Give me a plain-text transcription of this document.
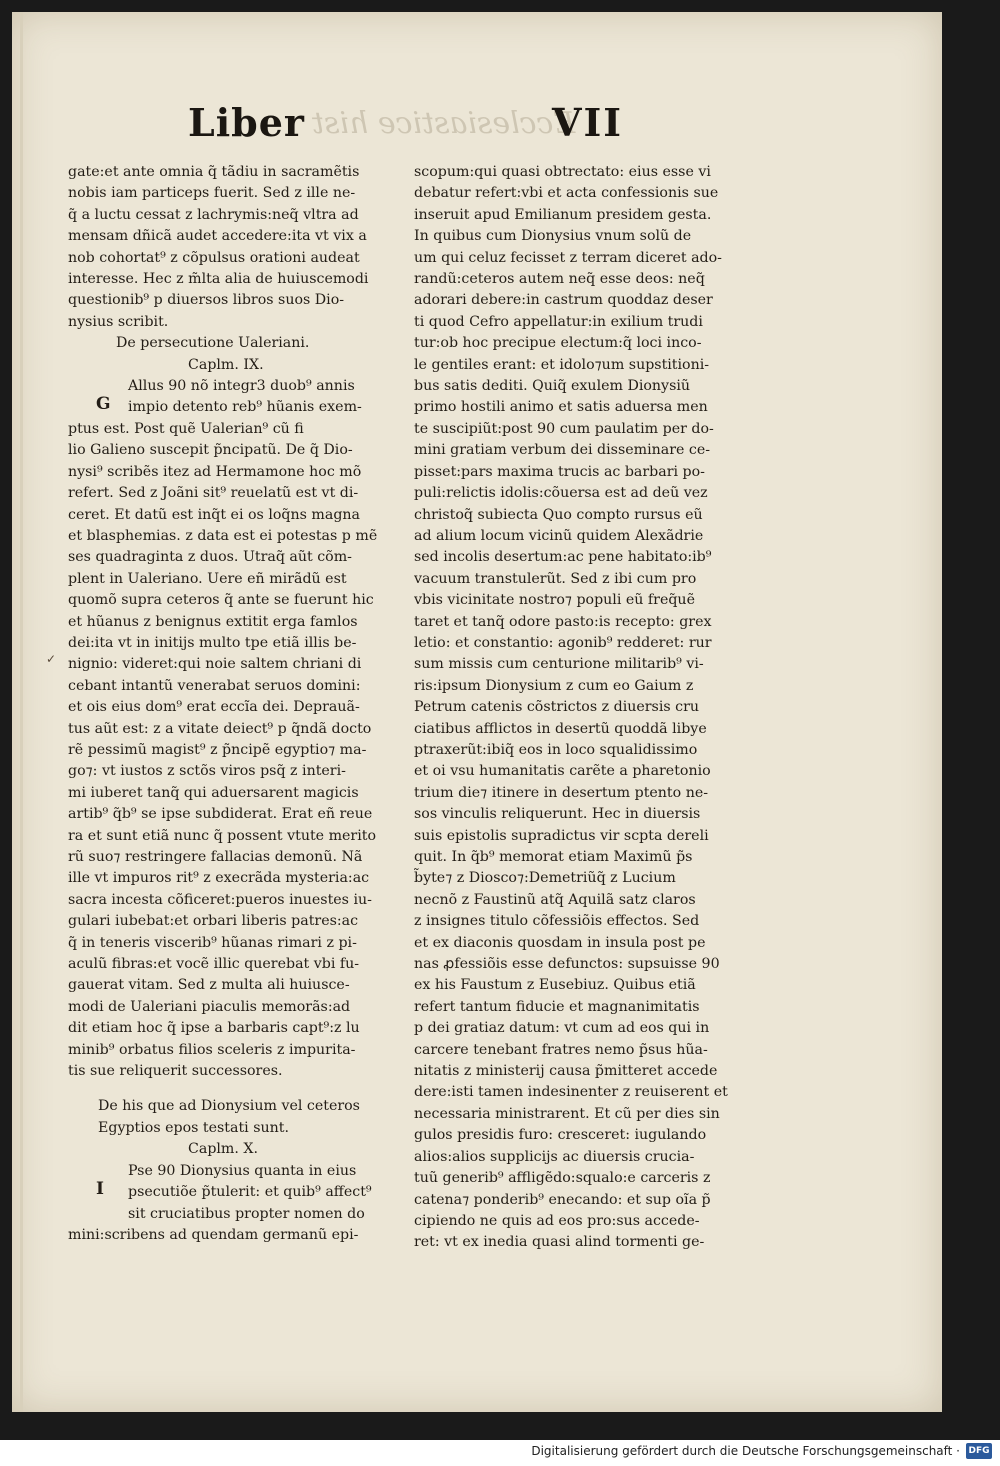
Liber Ecclesiastice hist
VII
gate:et ante omnia q̃ tãdiu in sacramẽtis
nobis iam particeps fuerit. Sed z ille ne-
q̃ a luctu cessat z lachrymis:neq̃ vltra ad
mensam dñicã audet accedere:ita vt vix a
nob cohortat⁹ z cõpulsus orationi audeat
interesse. Hec z m̃lta alia de huiuscemodi
questionib⁹ p diuersos libros suos Dio-
nysius scribit.
De persecutione Ualeriani.
Caplm. IX.
Allus 90 nõ integr3 duob⁹ annis
impio detento reb⁹ hũanis exem-
ptus est. Post quẽ Ualerian⁹ cũ fi
lio Galieno suscepit p̃ncipatũ. De q̃ Dio-
nysi⁹ scribẽs itez ad Hermamone hoc mõ
refert. Sed z Joãni sit⁹ reuelatũ est vt di-
ceret. Et datũ est inq̃t ei os loq̃ns magna
et blasphemias. z data est ei potestas p mẽ
ses quadraginta z duos. Utraq̃ aũt cõm-
plent in Ualeriano. Uere eñ mirãdũ est
quomõ supra ceteros q̃ ante se fuerunt hic
et hũanus z benignus extitit erga famlos
dei:ita vt in initijs multo tpe etiã illis be-
nignio: videret:qui noie saltem chriani di
cebant intantũ venerabat seruos domini:
et ois eius dom⁹ erat eccĩa dei. Deprauã-
tus aũt est: z a vitate deiect⁹ p q̃ndã docto
rẽ pessimũ magist⁹ z p̃ncipẽ egyptio⁊ ma-
go⁊: vt iustos z sctõs viros psq̃ z interi-
mi iuberet tanq̃ qui aduersarent magicis
artib⁹ q̃b⁹ se ipse subdiderat. Erat eñ reue
ra et sunt etiã nunc q̃ possent vtute merito
rũ suo⁊ restringere fallacias demonũ. Nã
ille vt impuros rit⁹ z execrãda mysteria:ac
sacra incesta cõficeret:pueros inuestes iu-
gulari iubebat:et orbari liberis patres:ac
q̃ in teneris viscerib⁹ hũanas rimari z pi-
aculũ fibras:et vocẽ illic querebat vbi fu-
gauerat vitam. Sed z multa ali̇ huiusce-
modi de Ualeriani piaculis memorãs:ad
dit etiam hoc q̃ ipse a barbaris capt⁹:z lu
minib⁹ orbatus filios sceleris z impurita-
tis sue reliquerit successores.
G
De his que ad Dionysium vel ceteros
Egyptios epos testati sunt.
Caplm. X.
Pse 90 Dionysius quanta in eius
psecutiõe p̃tulerit: et quib⁹ affect⁹
sit cruciatibus propter nomen do
mini:scribens ad quendam germanũ epi-
I
scopum:qui quasi obtrectato: eius esse vi
debatur refert:vbi et acta confessionis sue
inseruit apud Emilianum presidem gesta.
In quibus cum Dionysius vnum solũ de
um qui celuz fecisset z terram diceret ado-
randũ:ceteros autem neq̃ esse deos: neq̃
adorari debere:in castrum quoddaz deser
ti quod Cefro appellatur:in exilium trudi
tur:ob hoc precipue electum:q̃ loci inco-
le gentiles erant: et idolo⁊um supstitioni-
bus satis dediti. Quiq̃ exulem Dionysiũ
primo hostili animo et satis aduersa men
te suscipiũt:post 90 cum paulatim per do-
mini gratiam verbum dei disseminare ce-
pisset:pars maxima trucis ac barbari po-
puli:relictis idolis:cõuersa est ad deũ vez
christoq̃ subiecta Quo compto rursus eũ
ad alium locum vicinũ quidem Alexãdrie
sed incolis desertum:ac pene habitato:ib⁹
vacuum transtulerũt. Sed z ibi cum pro
vbis vicinitate nostro⁊ populi eũ freq̃uẽ
taret et tanq̃ odore pasto:is recepto: grex
letio: et constantio: agonib⁹ redderet: rur
sum missis cum centurione militarib⁹ vi-
ris:ipsum Dionysium z cum eo Gaium z
Petrum catenis cõstrictos z diuersis cru
ciatibus afflictos in desertũ quoddã libye
ptraxerũt:ibiq̃ eos in loco squalidissimo
et oi vsu humanitatis carẽte a pharetonio
trium die⁊ itinere in desertum ptento ne-
sos vinculis reliquerunt. Hec in diuersis
suis epistolis supradictus vir scpta dereli
quit. In q̃b⁹ memorat etiam Maximũ p̃s
b̃yte⁊ z Diosco⁊:Demetriũq̃ z Lucium
necnõ z Faustinũ atq̃ Aquilã satz claros
z insignes titulo cõfessiõis effectos. Sed
et ex diaconis quosdam in insula post pe
nas ꝓfessiõis esse defunctos: supsuisse 90
ex his Faustum z Eusebiuz. Quibus etiã
refert tantum fiducie et magnanimitatis
p dei gratiaz datum: vt cum ad eos qui in
carcere tenebant fratres nemo p̃sus hũa-
nitatis z ministerij causa p̃mitteret accede
dere:isti tamen indesinenter z reuiserent et
necessaria ministrarent. Et cũ per dies sin
gulos presidis furo: cresceret: iugulando
alios:alios supplicijs ac diuersis crucia-
tuũ generib⁹ affligẽdo:squalo:e carceris z
catena⁊ ponderib⁹ enecando: et sup oĩa p̃
cipiendo ne quis ad eos pro:sus accede-
ret: vt ex inedia quasi alind tormenti ge-
✓
Digitalisierung gefördert durch die Deutsche Forschungsgemeinschaft · DFG
